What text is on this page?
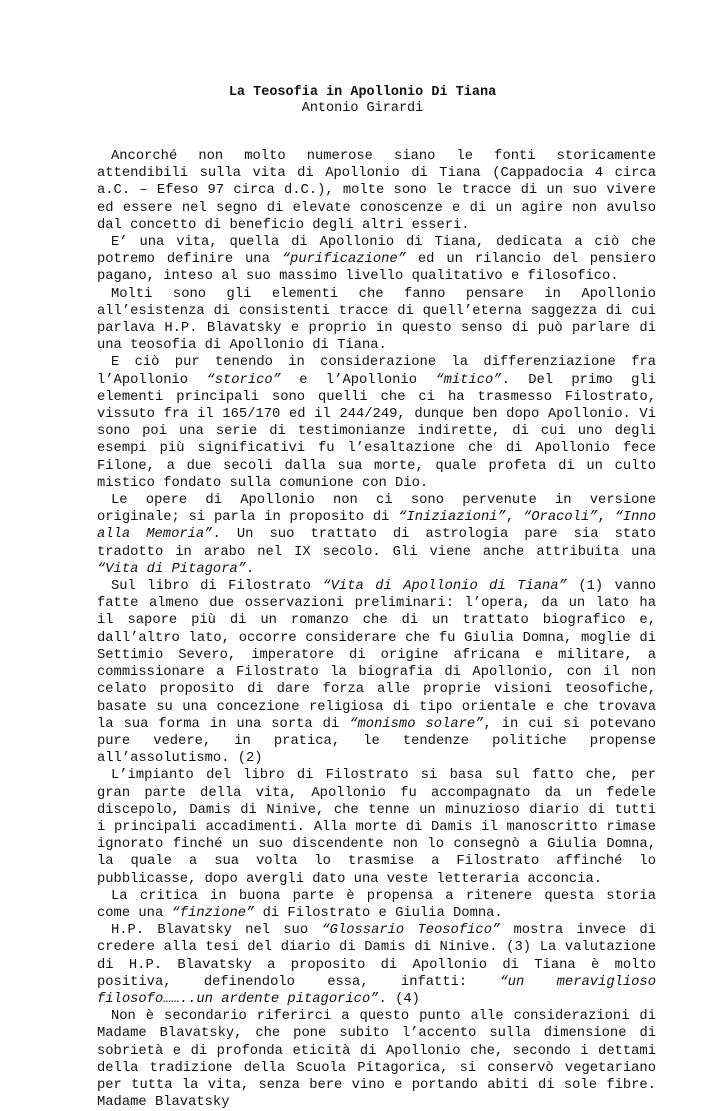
La Teosofia in Apollonio Di Tiana
Antonio Girardi

Ancorché non molto numerose siano le fonti storicamente attendibili sulla vita di Apollonio di Tiana (Cappadocia 4 circa a.C. – Efeso 97 circa d.C.), molte sono le tracce di un suo vivere ed essere nel segno di elevate conoscenze e di un agire non avulso dal concetto di beneficio degli altri esseri.

E’ una vita, quella di Apollonio di Tiana, dedicata a ciò che potremo definire una “purificazione” ed un rilancio del pensiero pagano, inteso al suo massimo livello qualitativo e filosofico.

Molti sono gli elementi che fanno pensare in Apollonio all’esistenza di consistenti tracce di quell’eterna saggezza di cui parlava H.P. Blavatsky e proprio in questo senso di può parlare di una teosofia di Apollonio di Tiana.

E ciò pur tenendo in considerazione la differenziazione fra l’Apollonio “storico” e l’Apollonio “mitico”. Del primo gli elementi principali sono quelli che ci ha trasmesso Filostrato, vissuto fra il 165/170 ed il 244/249, dunque ben dopo Apollonio. Vi sono poi una serie di testimonianze indirette, di cui uno degli esempi più significativi fu l’esaltazione che di Apollonio fece Filone, a due secoli dalla sua morte, quale profeta di un culto mistico fondato sulla comunione con Dio.

Le opere di Apollonio non ci sono pervenute in versione originale; si parla in proposito di “Iniziazioni”, “Oracoli”, “Inno alla Memoria”. Un suo trattato di astrologia pare sia stato tradotto in arabo nel IX secolo. Gli viene anche attribuita una “Vita di Pitagora”.

Sul libro di Filostrato “Vita di Apollonio di Tiana” (1) vanno fatte almeno due osservazioni preliminari: l’opera, da un lato ha il sapore più di un romanzo che di un trattato biografico e, dall’altro lato, occorre considerare che fu Giulia Domna, moglie di Settimio Severo, imperatore di origine africana e militare, a commissionare a Filostrato la biografia di Apollonio, con il non celato proposito di dare forza alle proprie visioni teosofiche, basate su una concezione religiosa di tipo orientale e che trovava la sua forma in una sorta di “monismo solare”, in cui si potevano pure vedere, in pratica, le tendenze politiche propense all’assolutismo. (2)

L’impianto del libro di Filostrato si basa sul fatto che, per gran parte della vita, Apollonio fu accompagnato da un fedele discepolo, Damis di Ninive, che tenne un minuzioso diario di tutti i principali accadimenti. Alla morte di Damis il manoscritto rimase ignorato finché un suo discendente non lo consegnò a Giulia Domna, la quale a sua volta lo trasmise a Filostrato affinché lo pubblicasse, dopo avergli dato una veste letteraria acconcia.

La critica in buona parte è propensa a ritenere questa storia come una “finzione” di Filostrato e Giulia Domna.

H.P. Blavatsky nel suo “Glossario Teosofico” mostra invece di credere alla tesi del diario di Damis di Ninive. (3) La valutazione di H.P. Blavatsky a proposito di Apollonio di Tiana è molto positiva, definendolo essa, infatti: “un meraviglioso filosofo……..un ardente pitagorico”. (4)

Non è secondario riferirci a questo punto alle considerazioni di Madame Blavatsky, che pone subito l’accento sulla dimensione di sobrietà e di profonda eticità di Apollonio che, secondo i dettami della tradizione della Scuola Pitagorica, si conservò vegetariano per tutta la vita, senza bere vino e portando abiti di sole fibre. Madame Blavatsky
